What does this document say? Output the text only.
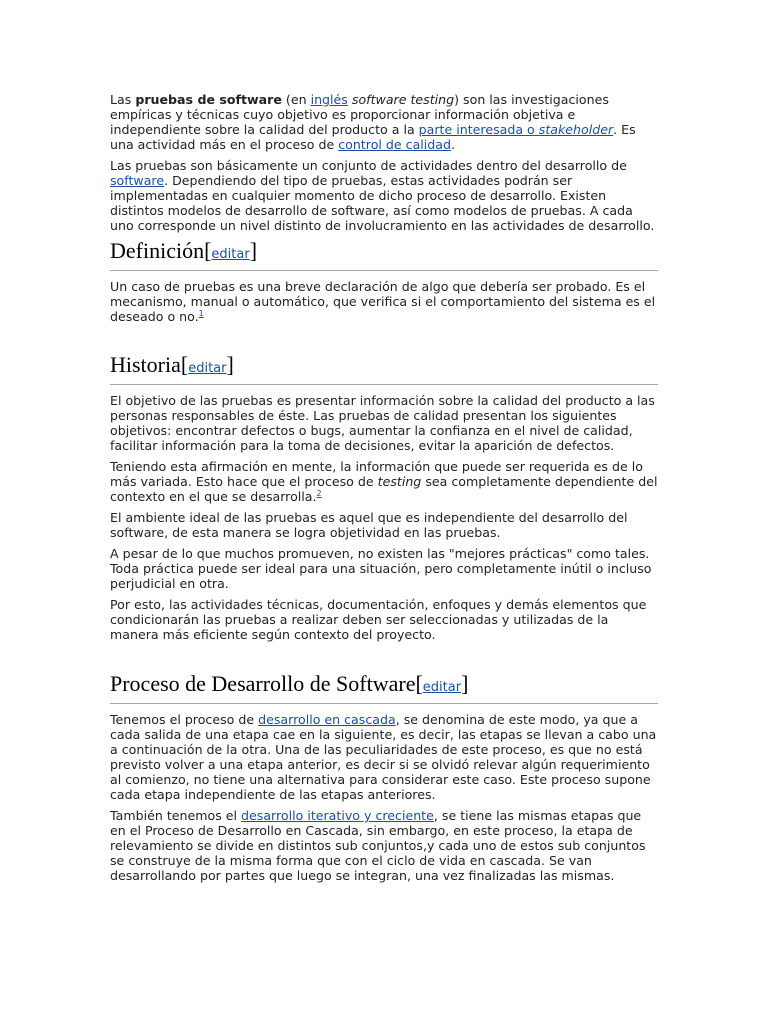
Las pruebas de software (en inglés software testing) son las investigaciones empíricas y técnicas cuyo objetivo es proporcionar información objetiva e independiente sobre la calidad del producto a la parte interesada o stakeholder. Es una actividad más en el proceso de control de calidad.

Las pruebas son básicamente un conjunto de actividades dentro del desarrollo de software. Dependiendo del tipo de pruebas, estas actividades podrán ser implementadas en cualquier momento de dicho proceso de desarrollo. Existen distintos modelos de desarrollo de software, así como modelos de pruebas. A cada uno corresponde un nivel distinto de involucramiento en las actividades de desarrollo.

Definición[editar]

Un caso de pruebas es una breve declaración de algo que debería ser probado. Es el mecanismo, manual o automático, que verifica si el comportamiento del sistema es el deseado o no.$^1$

Historia[editar]

El objetivo de las pruebas es presentar información sobre la calidad del producto a las personas responsables de éste. Las pruebas de calidad presentan los siguientes objetivos: encontrar defectos o bugs, aumentar la confianza en el nivel de calidad, facilitar información para la toma de decisiones, evitar la aparición de defectos.

Teniendo esta afirmación en mente, la información que puede ser requerida es de lo más variada. Esto hace que el proceso de testing sea completamente dependiente del contexto en el que se desarrolla.$^2$

El ambiente ideal de las pruebas es aquel que es independiente del desarrollo del software, de esta manera se logra objetividad en las pruebas.

A pesar de lo que muchos promueven, no existen las "mejores prácticas" como tales. Toda práctica puede ser ideal para una situación, pero completamente inútil o incluso perjudicial en otra.

Por esto, las actividades técnicas, documentación, enfoques y demás elementos que condicionarán las pruebas a realizar deben ser seleccionadas y utilizadas de la manera más eficiente según contexto del proyecto.

Proceso de Desarrollo de Software[editar]

Tenemos el proceso de desarrollo en cascada, se denomina de este modo, ya que a cada salida de una etapa cae en la siguiente, es decir, las etapas se llevan a cabo una a continuación de la otra. Una de las peculiaridades de este proceso, es que no está previsto volver a una etapa anterior, es decir si se olvidó relevar algún requerimiento al comienzo, no tiene una alternativa para considerar este caso. Este proceso supone cada etapa independiente de las etapas anteriores.

También tenemos el desarrollo iterativo y creciente, se tiene las mismas etapas que en el Proceso de Desarrollo en Cascada, sin embargo, en este proceso, la etapa de relevamiento se divide en distintos sub conjuntos,y cada uno de estos sub conjuntos se construye de la misma forma que con el ciclo de vida en cascada. Se van desarrollando por partes que luego se integran, una vez finalizadas las mismas.
